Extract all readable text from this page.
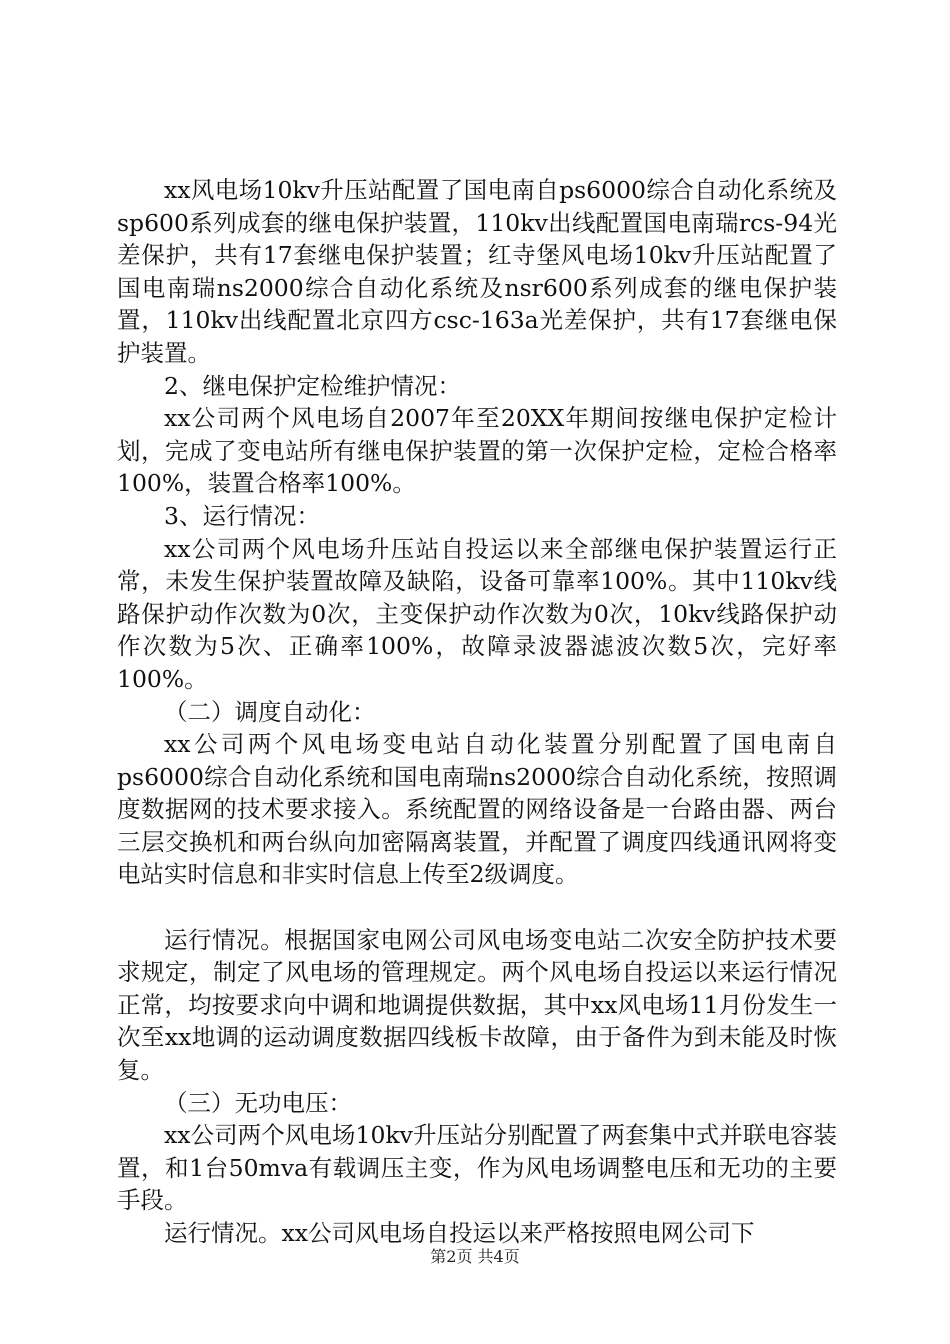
xx风电场10kv升压站配置了国电南自ps6000综合自动化系统及sp600系列成套的继电保护装置，110kv出线配置国电南瑞rcs-94光差保护，共有17套继电保护装置；红寺堡风电场10kv升压站配置了国电南瑞ns2000综合自动化系统及nsr600系列成套的继电保护装置，110kv出线配置北京四方csc-163a光差保护，共有17套继电保护装置。

2、继电保护定检维护情况：

xx公司两个风电场自2007年至20XX年期间按继电保护定检计划，完成了变电站所有继电保护装置的第一次保护定检，定检合格率100%，装置合格率100%。

3、运行情况：

xx公司两个风电场升压站自投运以来全部继电保护装置运行正常，未发生保护装置故障及缺陷，设备可靠率100%。其中110kv线路保护动作次数为0次，主变保护动作次数为0次，10kv线路保护动作次数为5次、正确率100%，故障录波器滤波次数5次，完好率100%。

（二）调度自动化：

xx公司两个风电场变电站自动化装置分别配置了国电南自ps6000综合自动化系统和国电南瑞ns2000综合自动化系统，按照调度数据网的技术要求接入。系统配置的网络设备是一台路由器、两台三层交换机和两台纵向加密隔离装置，并配置了调度四线通讯网将变电站实时信息和非实时信息上传至2级调度。

运行情况。根据国家电网公司风电场变电站二次安全防护技术要求规定，制定了风电场的管理规定。两个风电场自投运以来运行情况正常，均按要求向中调和地调提供数据，其中xx风电场11月份发生一次至xx地调的运动调度数据四线板卡故障，由于备件为到未能及时恢复。

（三）无功电压：

xx公司两个风电场10kv升压站分别配置了两套集中式并联电容装置，和1台50mva有载调压主变，作为风电场调整电压和无功的主要手段。

运行情况。xx公司风电场自投运以来严格按照电网公司下

第2页 共4页
